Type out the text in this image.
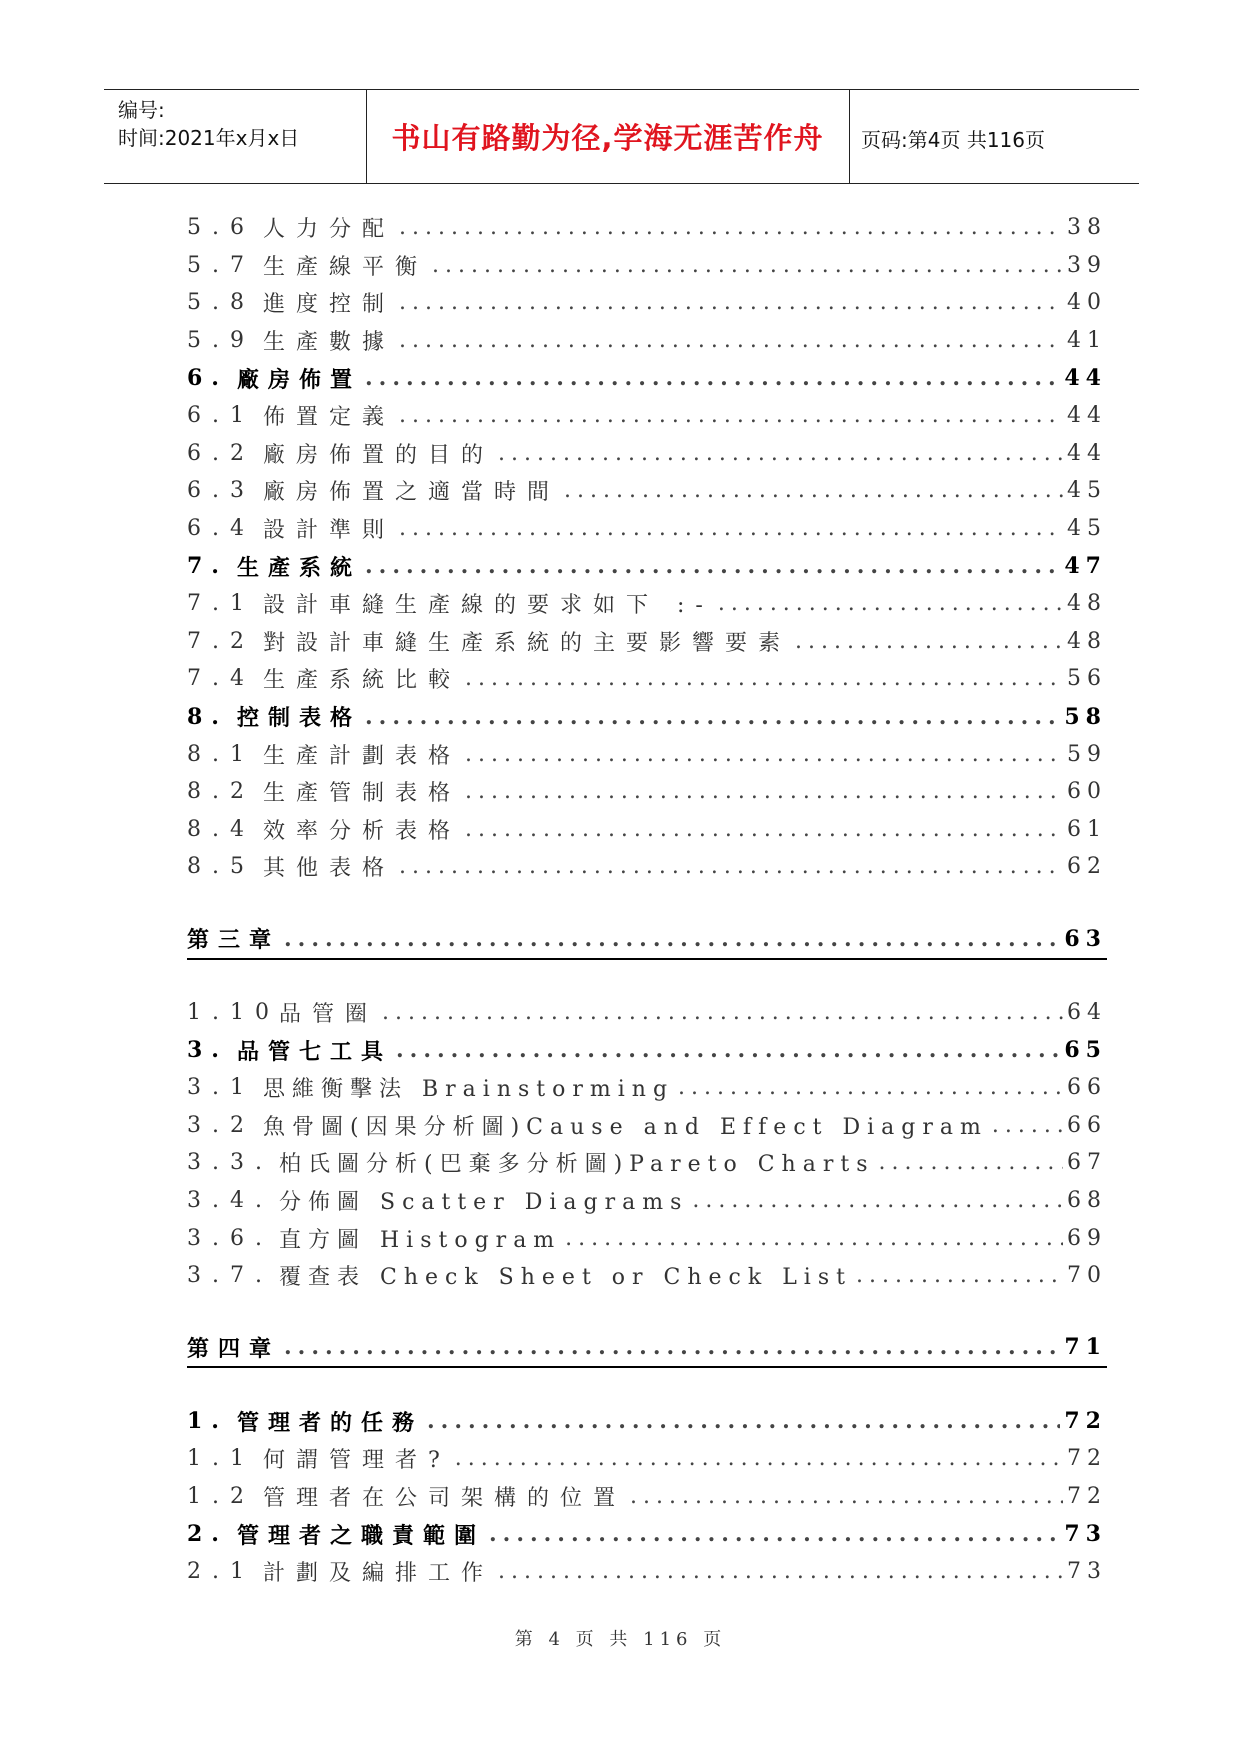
编号:
时间:2021年x月x日	书山有路勤为径,学海无涯苦作舟	页码:第4页 共116页
5.6 人力分配 .....	38
5.7 生產線平衡 .....	39
5.8 進度控制 .....	40
5.9 生產數據 .....	41
6. 廠房佈置 .....	44
6.1 佈置定義 .....	44
6.2 廠房佈置的目的 .....	44
6.3 廠房佈置之適當時間 .....	45
6.4 設計準則 .....	45
7. 生產系統 .....	47
7.1 設計車縫生產線的要求如下 :- .....	48
7.2 對設計車縫生產系統的主要影響要素 .....	48
7.4 生產系統比較 .....	56
8. 控制表格 .....	58
8.1 生產計劃表格 .....	59
8.2 生產管制表格 .....	60
8.4 效率分析表格 .....	61
8.5 其他表格 .....	62
第三章 .....	63
1.10 品管圈 .....	64
3. 品管七工具 .....	65
3.1 思維衡擊法 Brainstorming .....	66
3.2 魚骨圖(因果分析圖)Cause and Effect Diagram .....	66
3.3. 柏氏圖分析(巴棄多分析圖)Pareto Charts .....	67
3.4. 分佈圖 Scatter Diagrams .....	68
3.6. 直方圖 Histogram .....	69
3.7. 覆查表 Check Sheet or Check List .....	70
第四章 .....	71
1. 管理者的任務 .....	72
1.1 何謂管理者? .....	72
1.2 管理者在公司架構的位置 .....	72
2. 管理者之職責範圍 .....	73
2.1 計劃及編排工作 .....	73
第 4 页 共 116 页
